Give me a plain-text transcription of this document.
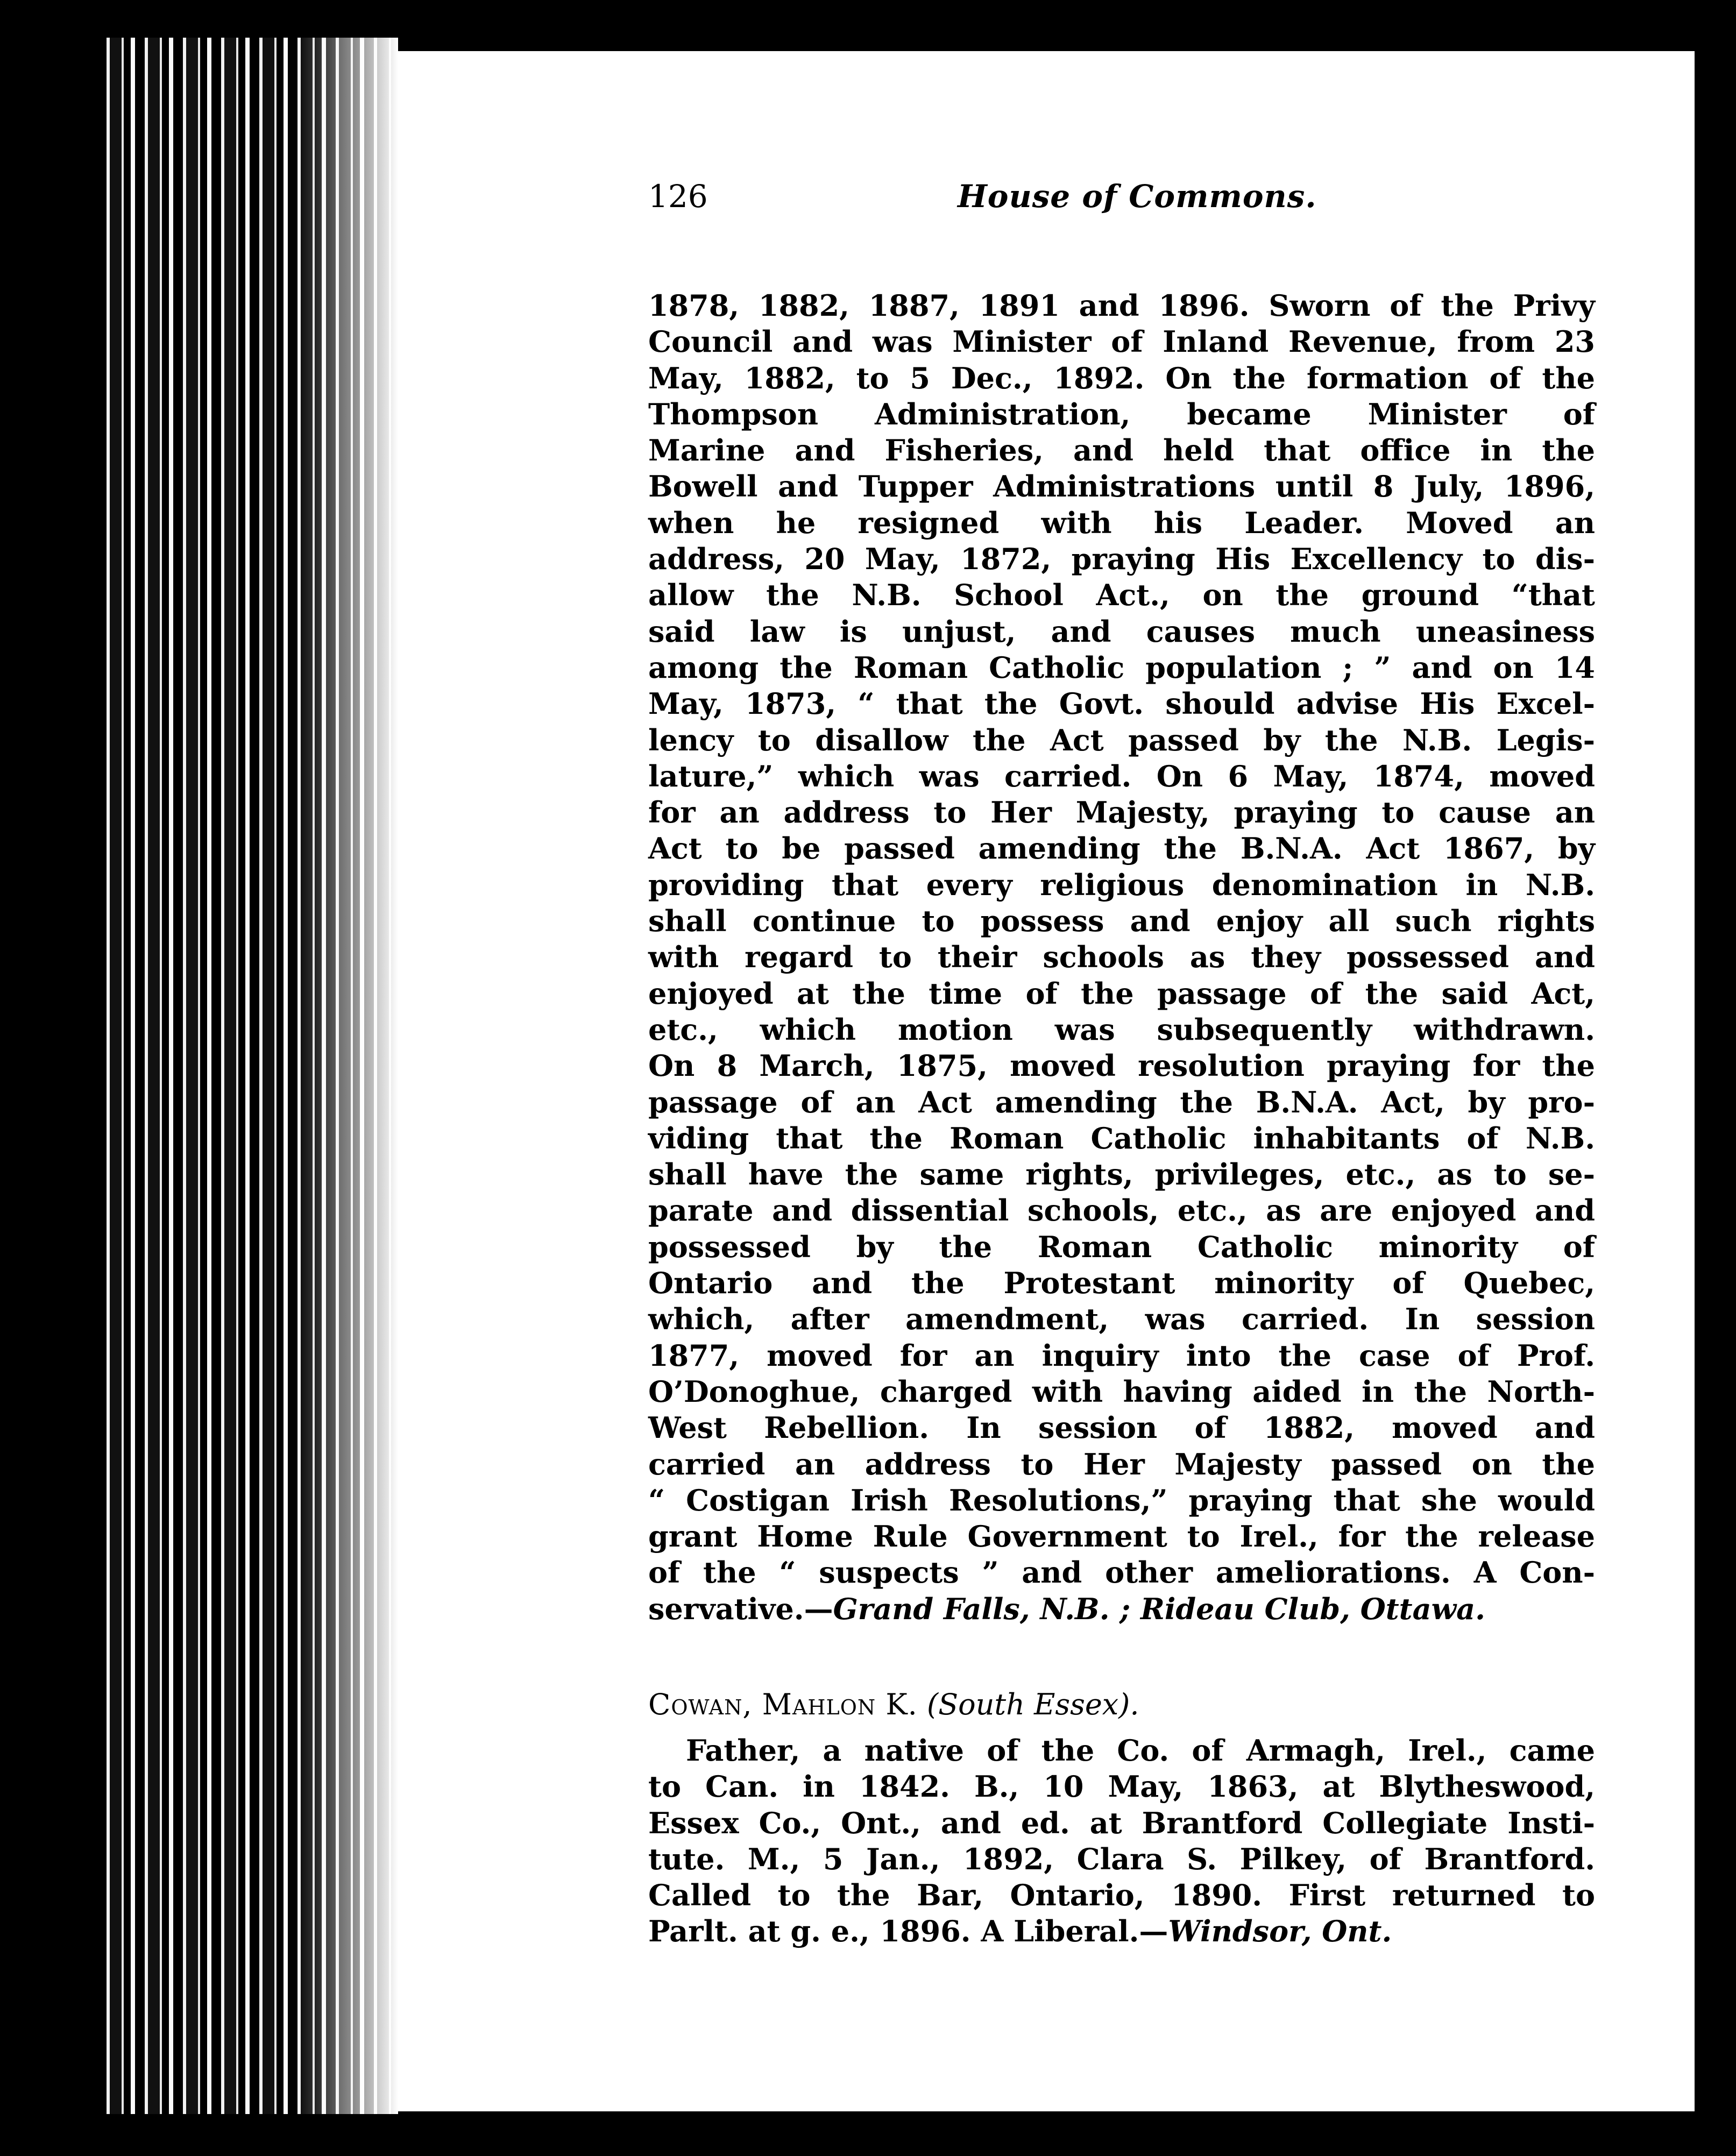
126	House of Commons.
1878, 1882, 1887, 1891 and 1896. Sworn of the Privy
Council and was Minister of Inland Revenue, from 23
May, 1882, to 5 Dec., 1892. On the formation of the
Thompson Administration, became Minister of
Marine and Fisheries, and held that office in the
Bowell and Tupper Administrations until 8 July, 1896,
when he resigned with his Leader. Moved an
address, 20 May, 1872, praying His Excellency to dis-
allow the N.B. School Act., on the ground “that
said law is unjust, and causes much uneasiness
among the Roman Catholic population ; ” and on 14
May, 1873, “ that the Govt. should advise His Excel-
lency to disallow the Act passed by the N.B. Legis-
lature,” which was carried. On 6 May, 1874, moved
for an address to Her Majesty, praying to cause an
Act to be passed amending the B.N.A. Act 1867, by
providing that every religious denomination in N.B.
shall continue to possess and enjoy all such rights
with regard to their schools as they possessed and
enjoyed at the time of the passage of the said Act,
etc., which motion was subsequently withdrawn.
On 8 March, 1875, moved resolution praying for the
passage of an Act amending the B.N.A. Act, by pro-
viding that the Roman Catholic inhabitants of N.B.
shall have the same rights, privileges, etc., as to se-
parate and dissential schools, etc., as are enjoyed and
possessed by the Roman Catholic minority of
Ontario and the Protestant minority of Quebec,
which, after amendment, was carried. In session
1877, moved for an inquiry into the case of Prof.
O’Donoghue, charged with having aided in the North-
West Rebellion. In session of 1882, moved and
carried an address to Her Majesty passed on the
“ Costigan Irish Resolutions,” praying that she would
grant Home Rule Government to Irel., for the release
of the “ suspects ” and other ameliorations. A Con-
servative.—Grand Falls, N.B. ; Rideau Club, Ottawa.
Cowan, Mahlon K. (South Essex).
Father, a native of the Co. of Armagh, Irel., came
to Can. in 1842. B., 10 May, 1863, at Blytheswood,
Essex Co., Ont., and ed. at Brantford Collegiate Insti-
tute. M., 5 Jan., 1892, Clara S. Pilkey, of Brantford.
Called to the Bar, Ontario, 1890. First returned to
Parlt. at g. e., 1896. A Liberal.—Windsor, Ont.
